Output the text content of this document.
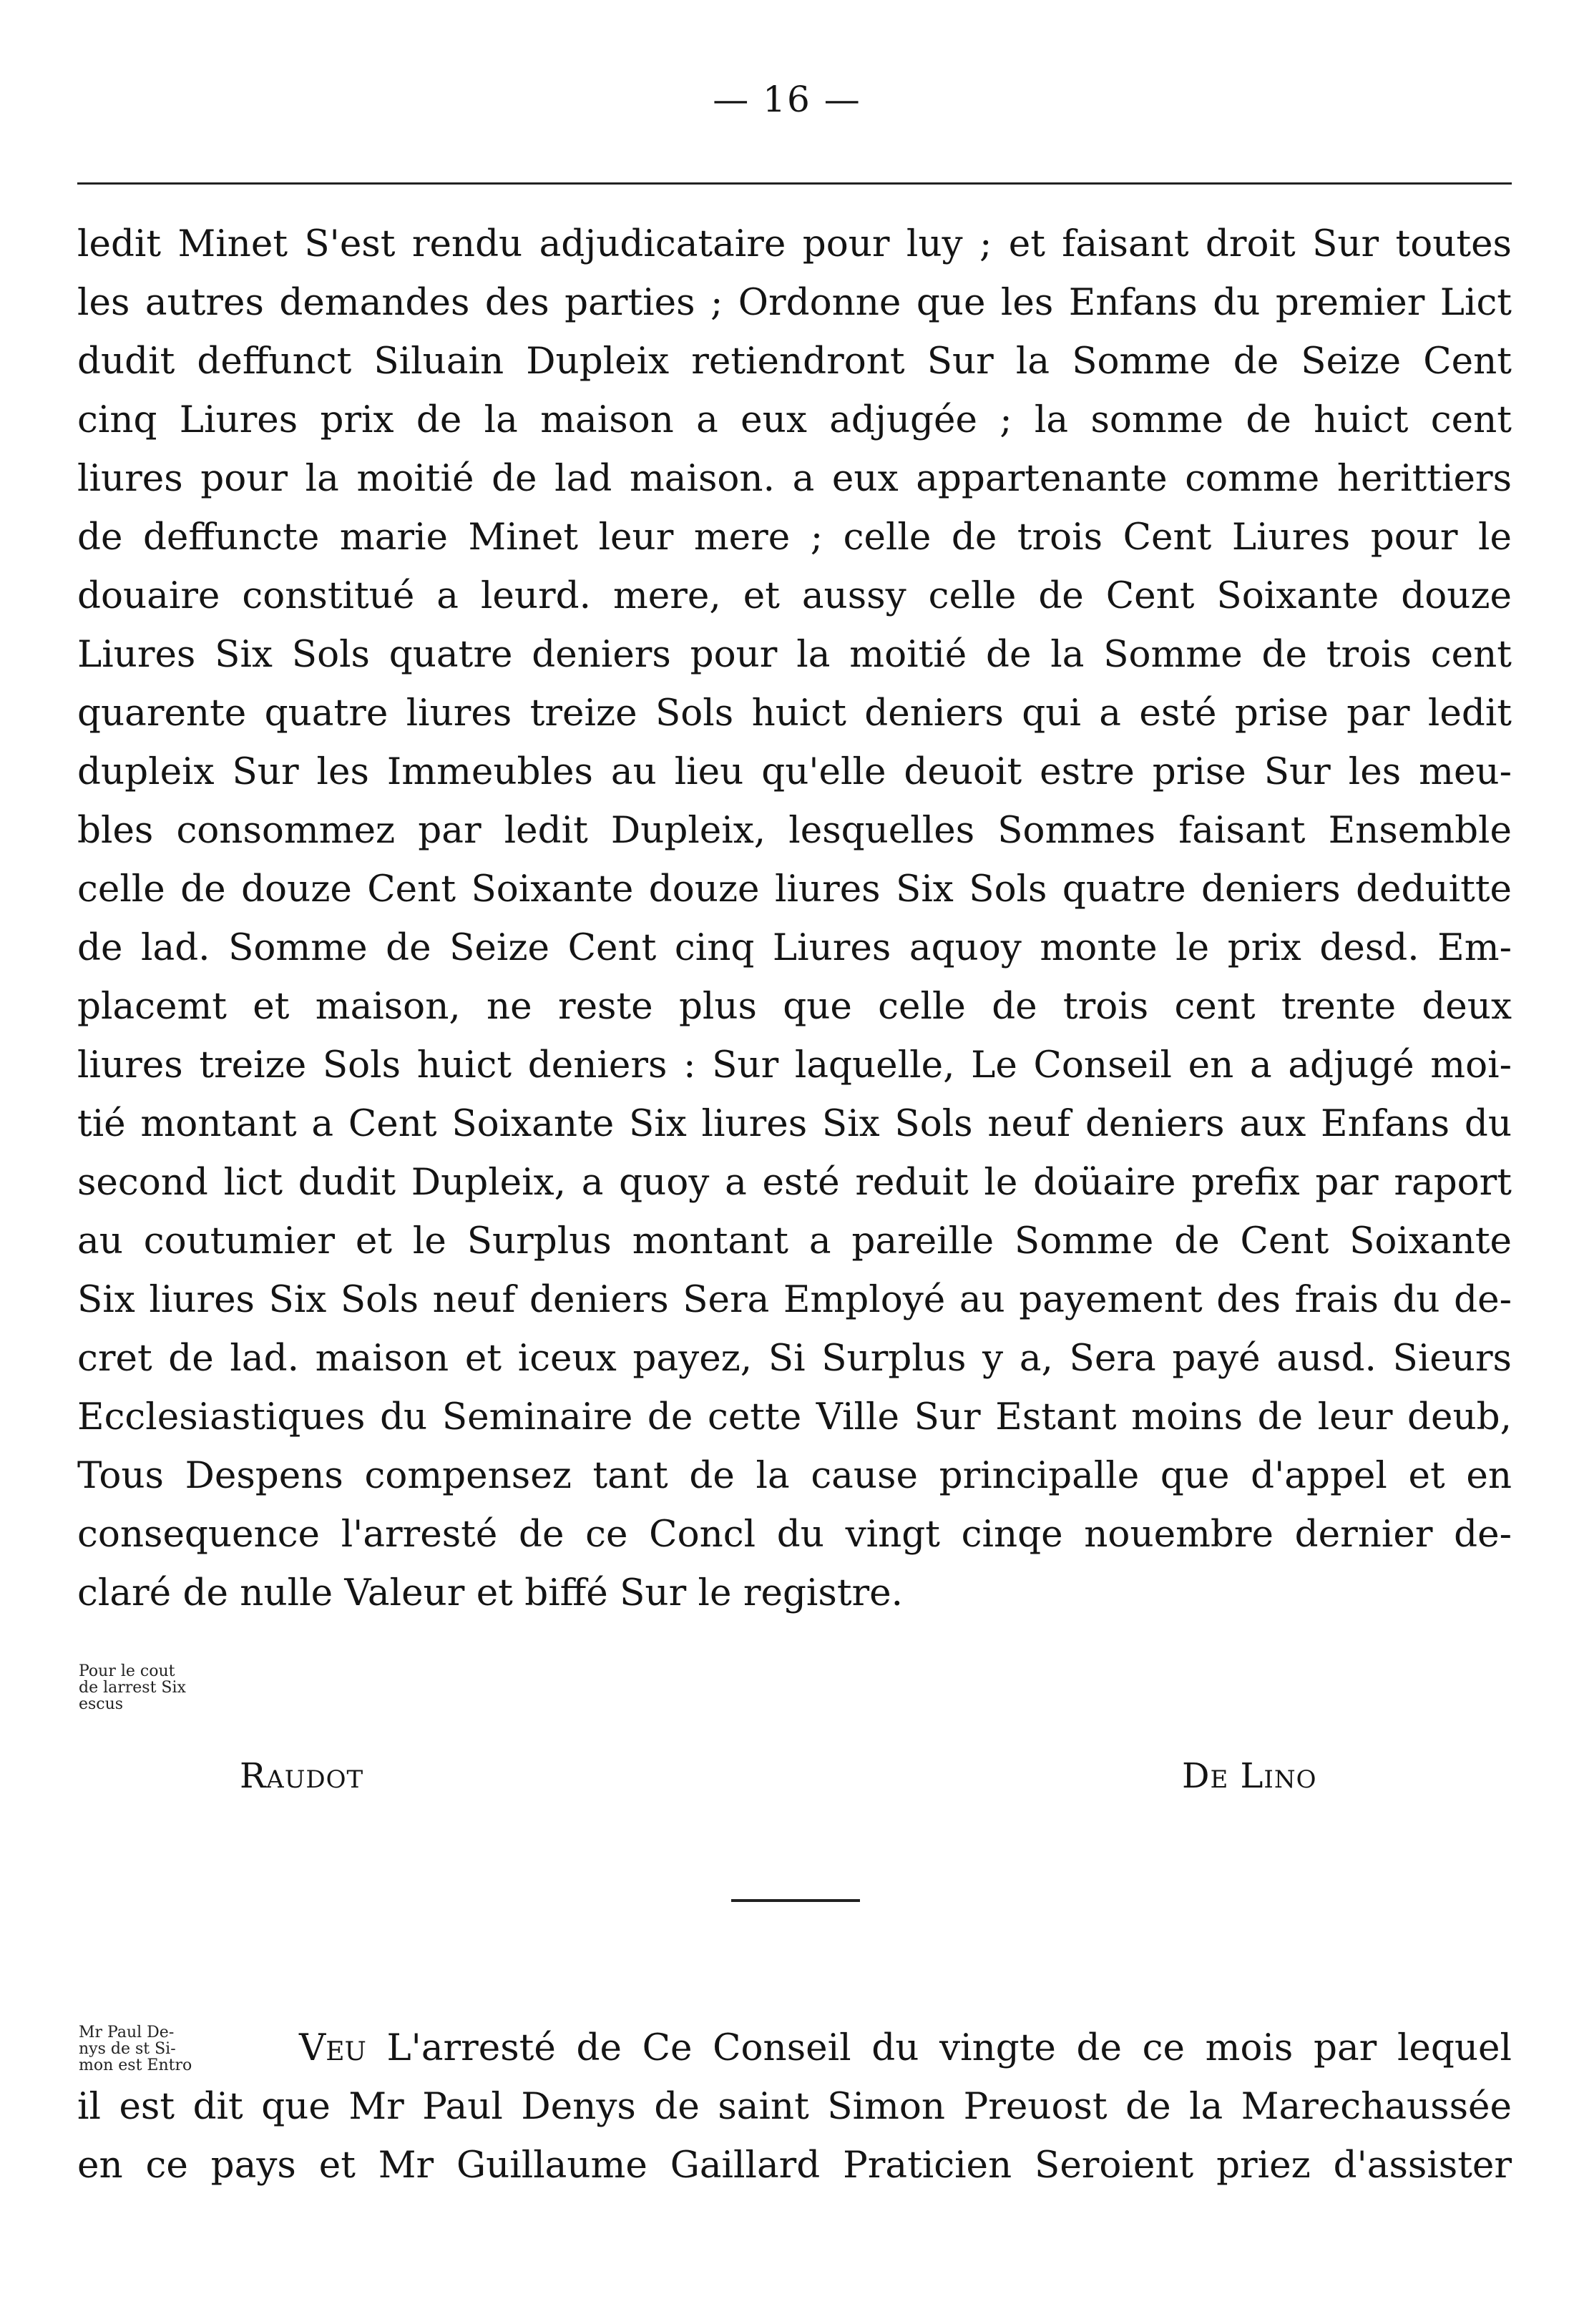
— 16 —
ledit Minet S'est rendu adjudicataire pour luy ; et faisant droit Sur toutes
les autres demandes des parties ; Ordonne que les Enfans du premier Lict
dudit deffunct Siluain Dupleix retiendront Sur la Somme de Seize Cent
cinq Liures prix de la maison a eux adjugée ; la somme de huict cent
liures pour la moitié de lad maison. a eux appartenante comme herittiers
de deffuncte marie Minet leur mere ; celle de trois Cent Liures pour le
douaire constitué a leurd. mere, et aussy celle de Cent Soixante douze
Liures Six Sols quatre deniers pour la moitié de la Somme de trois cent
quarente quatre liures treize Sols huict deniers qui a esté prise par ledit
dupleix Sur les Immeubles au lieu qu'elle deuoit estre prise Sur les meu-
bles consommez par ledit Dupleix, lesquelles Sommes faisant Ensemble
celle de douze Cent Soixante douze liures Six Sols quatre deniers deduitte
de lad. Somme de Seize Cent cinq Liures aquoy monte le prix desd. Em-
placemt et maison, ne reste plus que celle de trois cent trente deux
liures treize Sols huict deniers : Sur laquelle, Le Conseil en a adjugé moi-
tié montant a Cent Soixante Six liures Six Sols neuf deniers aux Enfans du
second lict dudit Dupleix, a quoy a esté reduit le doüaire prefix par raport
au coutumier et le Surplus montant a pareille Somme de Cent Soixante
Six liures Six Sols neuf deniers Sera Employé au payement des frais du de-
cret de lad. maison et iceux payez, Si Surplus y a, Sera payé ausd. Sieurs
Ecclesiastiques du Seminaire de cette Ville Sur Estant moins de leur deub,
Tous Despens compensez tant de la cause principalle que d'appel et en
consequence l'arresté de ce Concl du vingt cinqe nouembre dernier de-
claré de nulle Valeur et biffé Sur le registre.
Pour le cout
de larrest Six
escus
Raudot	De Lino
Mr Paul De-
nys de st Si-
mon est Entro	Veu L'arresté de Ce Conseil du vingte de ce mois par lequel
il est dit que Mr Paul Denys de saint Simon Preuost de la Marechaussée
en ce pays et Mr Guillaume Gaillard Praticien Seroient priez d'assister
